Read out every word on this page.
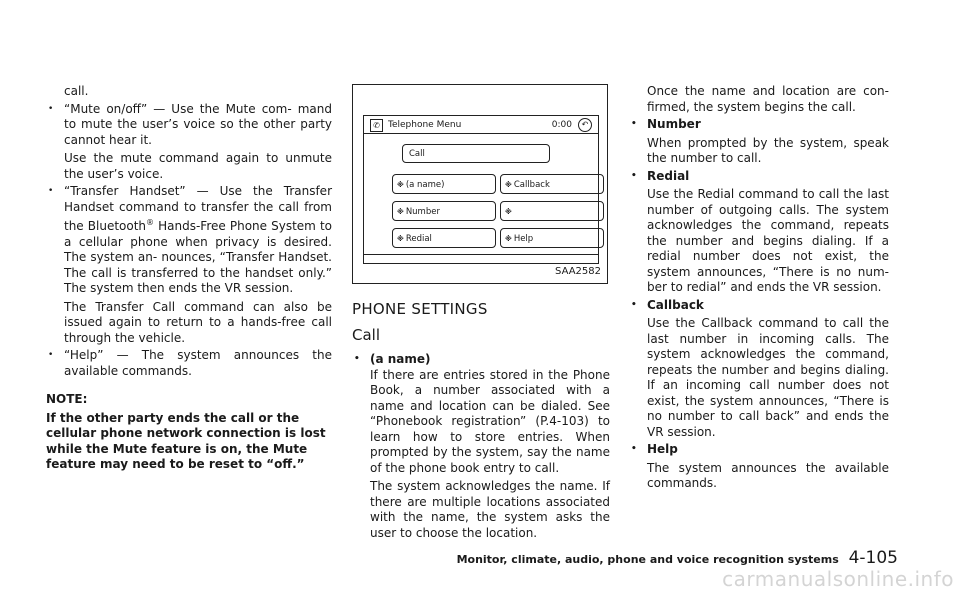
call.

• “Mute on/off” — Use the Mute com- mand to mute the user’s voice so the other party cannot hear it.

Use the mute command again to unmute the user’s voice.

• “Transfer Handset” — Use the Transfer Handset command to transfer the call from the Bluetooth® Hands-Free Phone System to a cellular phone when privacy is desired. The system an- nounces, “Transfer Handset. The call is transferred to the handset only.” The system then ends the VR session.

The Transfer Call command can also be issued again to return to a hands-free call through the vehicle.

• “Help” — The system announces the available commands.

NOTE:

If the other party ends the call or the cellular phone network connection is lost while the Mute feature is on, the Mute feature may need to be reset to “off.”

✆ Telephone Menu	0:00	↶
Call
※ (a name)	※ Callback
※ Number	※
※ Redial	※ Help
SAA2582

PHONE SETTINGS

Call

• (a name)

If there are entries stored in the Phone Book, a number associated with a name and location can be dialed. See “Phonebook registration” (P.4-103) to learn how to store entries. When prompted by the system, say the name of the phone book entry to call.

The system acknowledges the name. If there are multiple locations associated with the name, the system asks the user to choose the location.

Once the name and location are con- firmed, the system begins the call.

• Number

When prompted by the system, speak the number to call.

• Redial

Use the Redial command to call the last number of outgoing calls. The system acknowledges the command, repeats the number and begins dialing. If a redial number does not exist, the system announces, “There is no num- ber to redial” and ends the VR session.

• Callback

Use the Callback command to call the last number in incoming calls. The system acknowledges the command, repeats the number and begins dialing. If an incoming call number does not exist, the system announces, “There is no number to call back” and ends the VR session.

• Help

The system announces the available commands.

Monitor, climate, audio, phone and voice recognition systems 4-105
carmanualsonline.info
